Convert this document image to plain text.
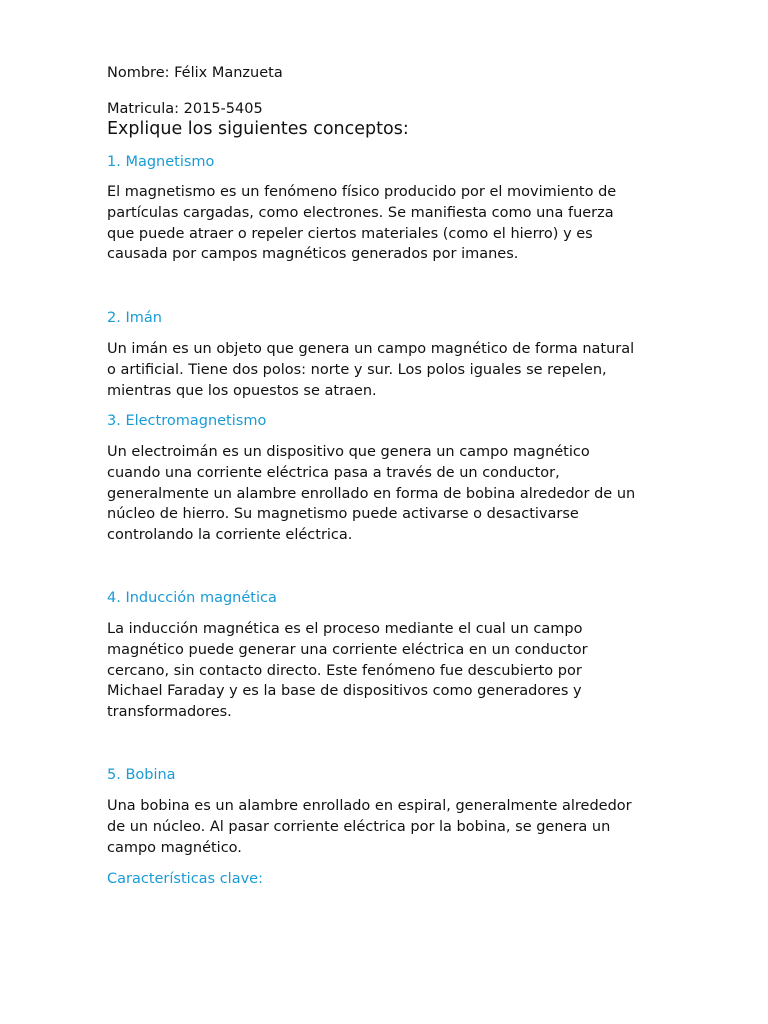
Nombre: Félix Manzueta

Matricula: 2015-5405

Explique los siguientes conceptos:

1. Magnetismo

El magnetismo es un fenómeno físico producido por el movimiento de
partículas cargadas, como electrones. Se manifiesta como una fuerza
que puede atraer o repeler ciertos materiales (como el hierro) y es
causada por campos magnéticos generados por imanes.

2. Imán

Un imán es un objeto que genera un campo magnético de forma natural
o artificial. Tiene dos polos: norte y sur. Los polos iguales se repelen,
mientras que los opuestos se atraen.

3. Electromagnetismo

Un electroimán es un dispositivo que genera un campo magnético
cuando una corriente eléctrica pasa a través de un conductor,
generalmente un alambre enrollado en forma de bobina alrededor de un
núcleo de hierro. Su magnetismo puede activarse o desactivarse
controlando la corriente eléctrica.

4. Inducción magnética

La inducción magnética es el proceso mediante el cual un campo
magnético puede generar una corriente eléctrica en un conductor
cercano, sin contacto directo. Este fenómeno fue descubierto por
Michael Faraday y es la base de dispositivos como generadores y
transformadores.

5. Bobina

Una bobina es un alambre enrollado en espiral, generalmente alrededor
de un núcleo. Al pasar corriente eléctrica por la bobina, se genera un
campo magnético.

Características clave:
